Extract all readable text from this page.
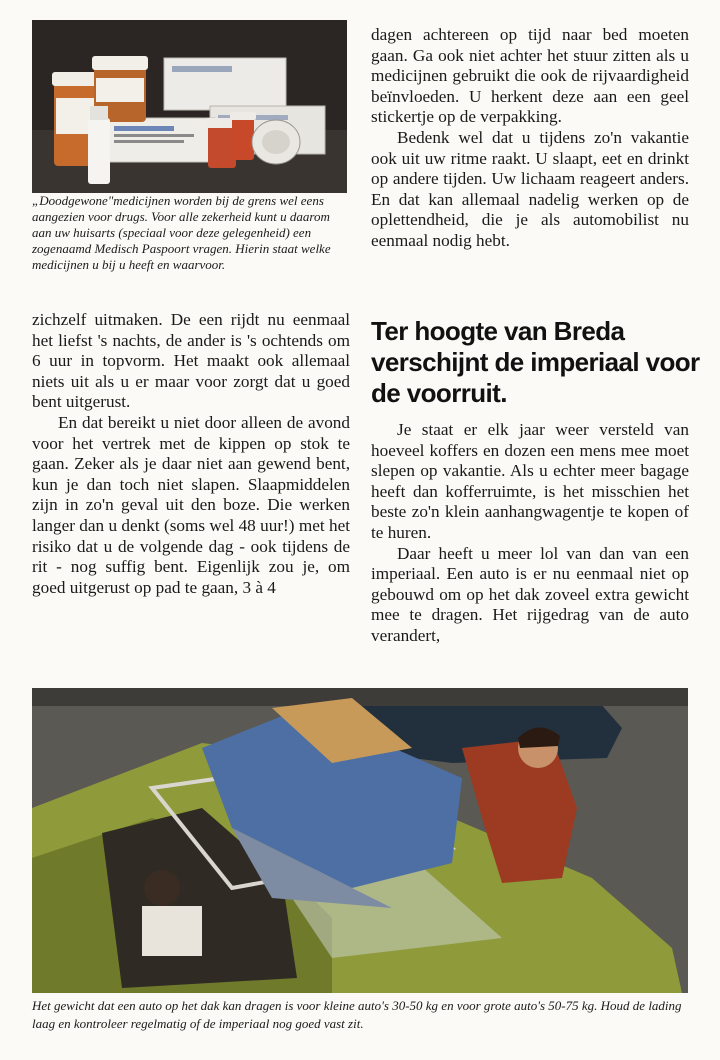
„Doodgewone"medicijnen worden bij de grens wel eens aangezien voor drugs. Voor alle zekerheid kunt u daarom aan uw huisarts (speciaal voor deze gelegenheid) een zogenaamd Medisch Paspoort vragen. Hierin staat welke medicijnen u bij u heeft en waarvoor.

zichzelf uitmaken. De een rijdt nu eenmaal het liefst 's nachts, de ander is 's ochtends om 6 uur in topvorm. Het maakt ook allemaal niets uit als u er maar voor zorgt dat u goed bent uitgerust.

En dat bereikt u niet door alleen de avond voor het vertrek met de kippen op stok te gaan. Zeker als je daar niet aan gewend bent, kun je dan toch niet slapen. Slaapmiddelen zijn in zo'n geval uit den boze. Die werken langer dan u denkt (soms wel 48 uur!) met het risiko dat u de volgende dag - ook tijdens de rit - nog suffig bent. Eigenlijk zou je, om goed uitgerust op pad te gaan, 3 à 4

dagen achtereen op tijd naar bed moeten gaan. Ga ook niet achter het stuur zitten als u medicijnen gebruikt die ook de rijvaardigheid beïnvloeden. U herkent deze aan een geel stickertje op de verpakking.

Bedenk wel dat u tijdens zo'n vakantie ook uit uw ritme raakt. U slaapt, eet en drinkt op andere tijden. Uw lichaam reageert anders. En dat kan allemaal nadelig werken op de oplettendheid, die je als automobilist nu eenmaal nodig hebt.

Ter hoogte van Breda verschijnt de imperiaal voor de voorruit.

Je staat er elk jaar weer versteld van hoeveel koffers en dozen een mens mee moet slepen op vakantie. Als u echter meer bagage heeft dan kofferruimte, is het misschien het beste zo'n klein aanhangwagentje te kopen of te huren.

Daar heeft u meer lol van dan van een imperiaal. Een auto is er nu eenmaal niet op gebouwd om op het dak zoveel extra gewicht mee te dragen. Het rijgedrag van de auto verandert,

Het gewicht dat een auto op het dak kan dragen is voor kleine auto's 30-50 kg en voor grote auto's 50-75 kg. Houd de lading laag en kontroleer regelmatig of de imperiaal nog goed vast zit.
